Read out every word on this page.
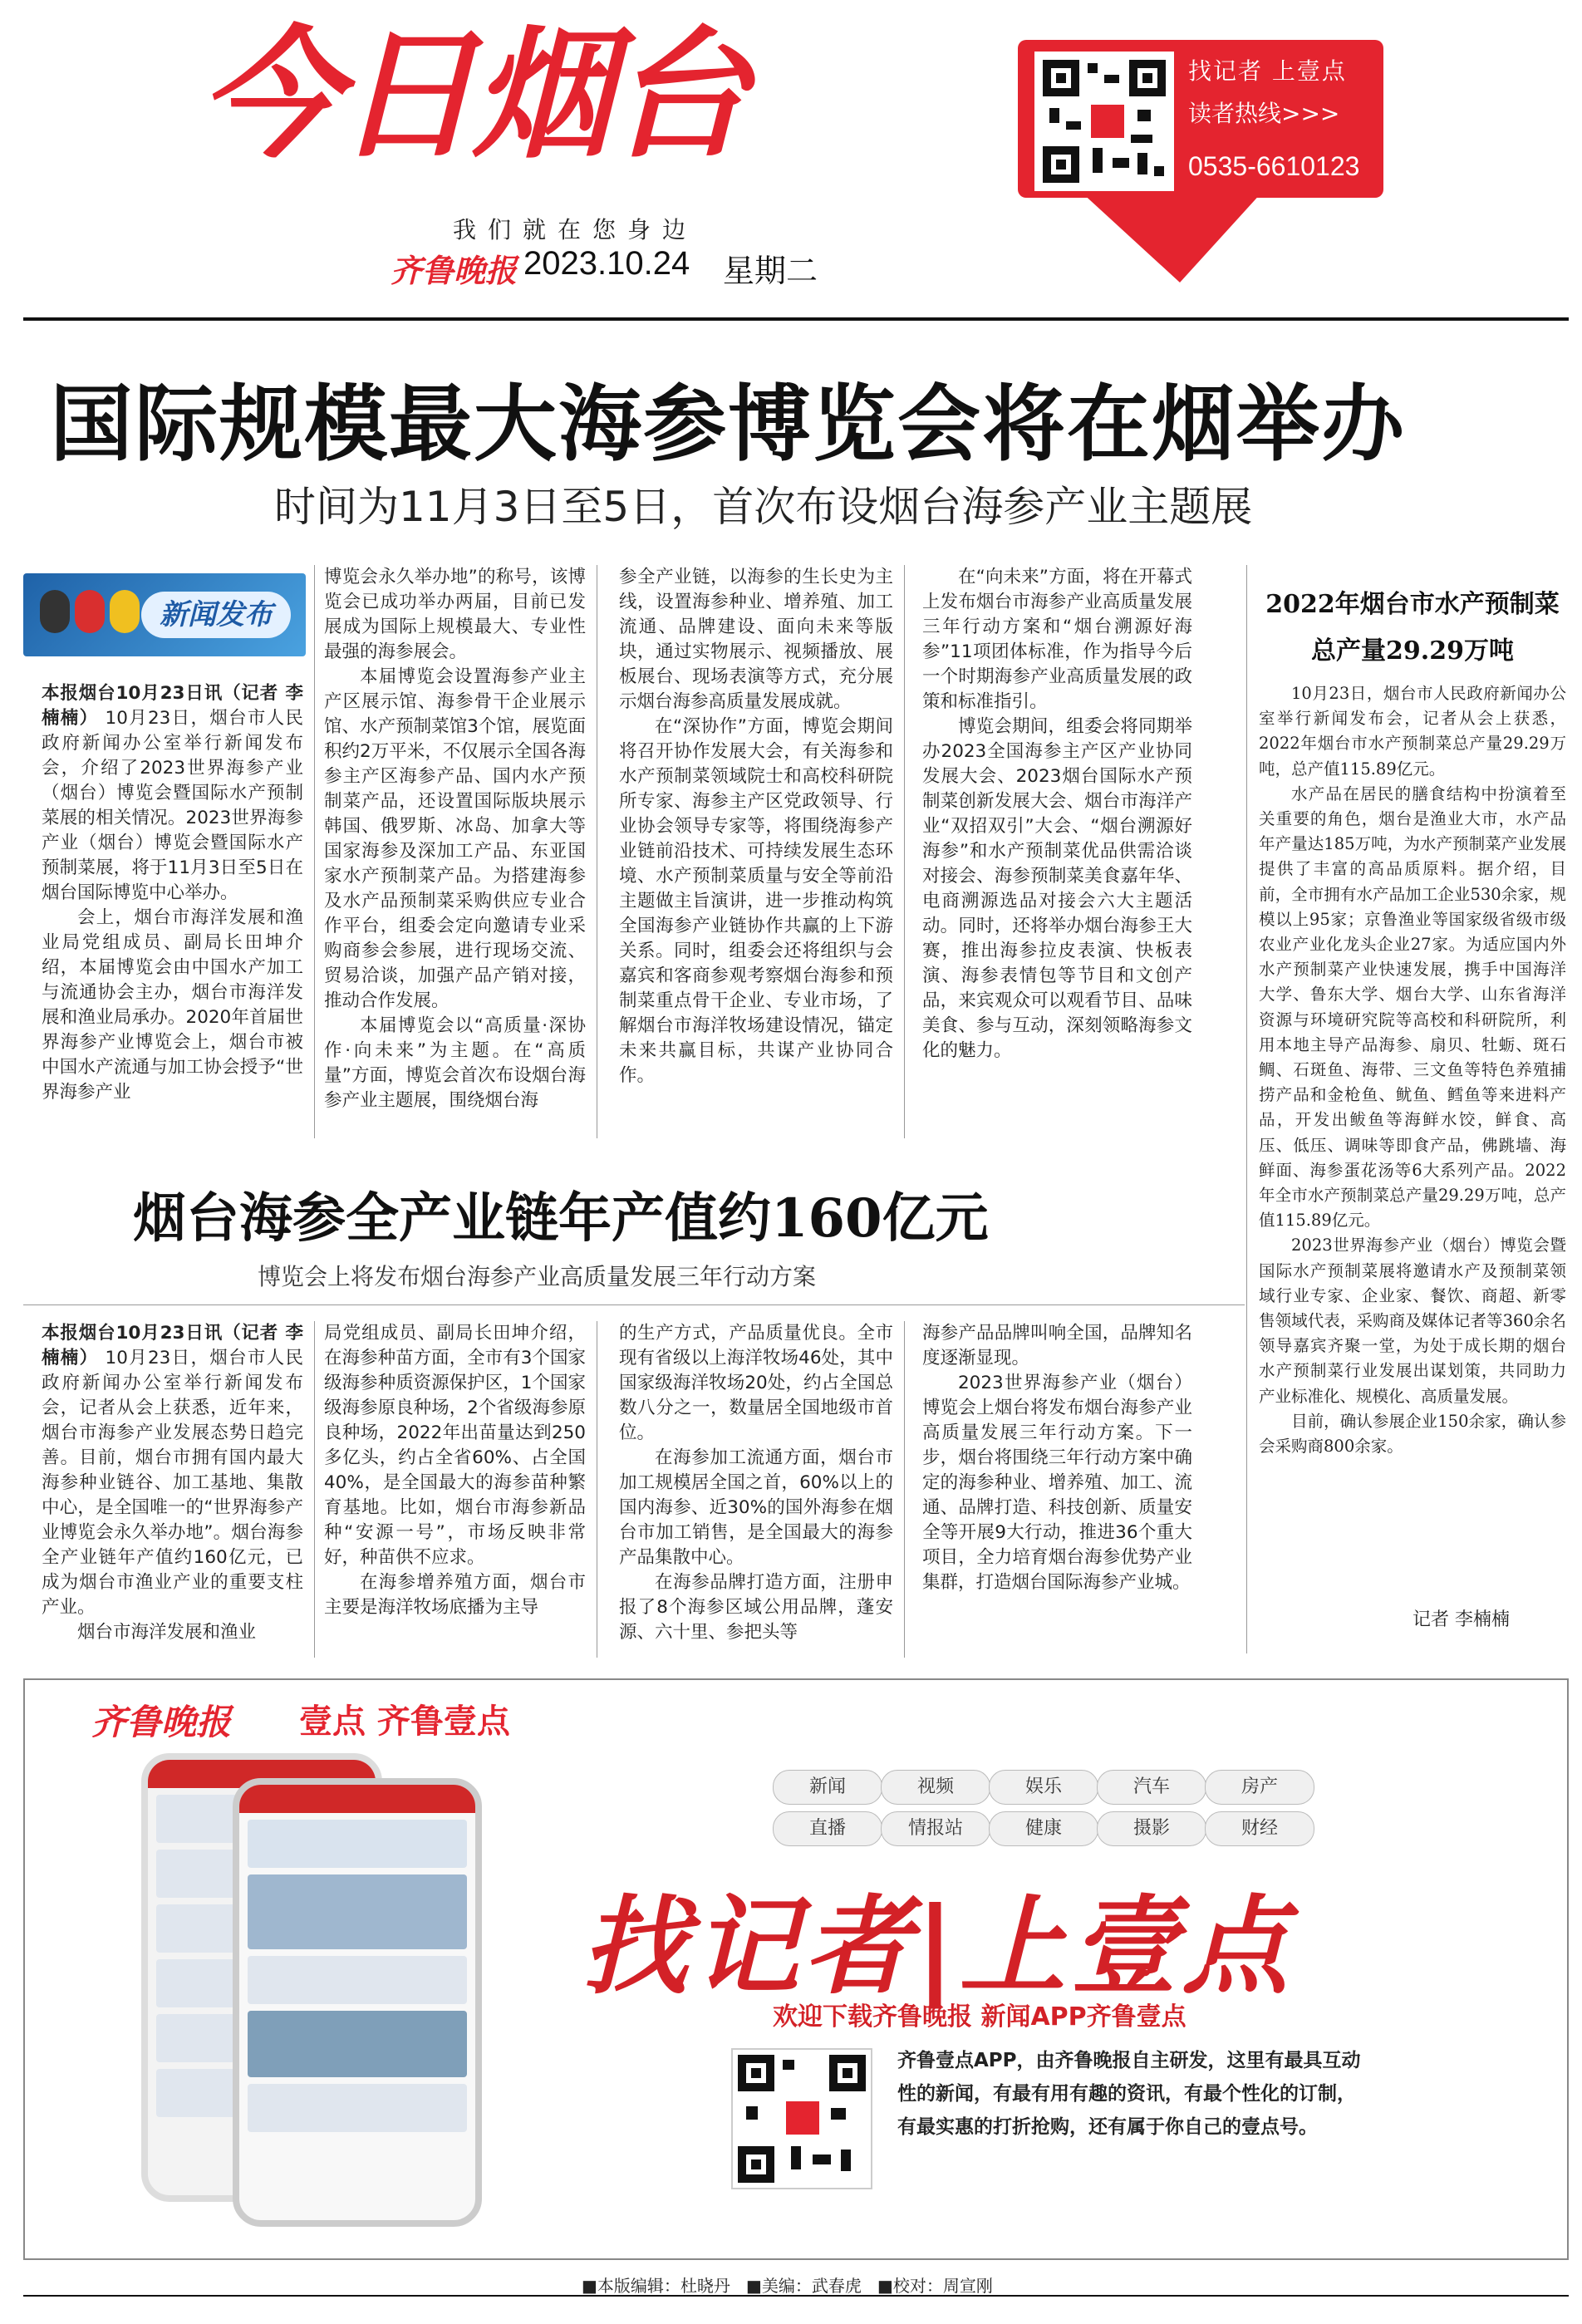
今日烟台
我们就在您身边
齐鲁晚报 2023.10.24 星期二
找记者 上壹点
读者热线>>>
0535-6610123
国际规模最大海参博览会将在烟举办
时间为11月3日至5日，首次布设烟台海参产业主题展
新闻发布

本报烟台10月23日讯（记者 李楠楠） 10月23日，烟台市人民政府新闻办公室举行新闻发布会，介绍了2023世界海参产业（烟台）博览会暨国际水产预制菜展的相关情况。2023世界海参产业（烟台）博览会暨国际水产预制菜展，将于11月3日至5日在烟台国际博览中心举办。

会上，烟台市海洋发展和渔业局党组成员、副局长田坤介绍，本届博览会由中国水产加工与流通协会主办，烟台市海洋发展和渔业局承办。2020年首届世界海参产业博览会上，烟台市被中国水产流通与加工协会授予“世界海参产业

博览会永久举办地”的称号，该博览会已成功举办两届，目前已发展成为国际上规模最大、专业性最强的海参展会。

本届博览会设置海参产业主产区展示馆、海参骨干企业展示馆、水产预制菜馆3个馆，展览面积约2万平米，不仅展示全国各海参主产区海参产品、国内水产预制菜产品，还设置国际版块展示韩国、俄罗斯、冰岛、加拿大等国家海参及深加工产品、东亚国家水产预制菜产品。为搭建海参及水产品预制菜采购供应专业合作平台，组委会定向邀请专业采购商参会参展，进行现场交流、贸易洽谈，加强产品产销对接，推动合作发展。

本届博览会以“高质量·深协作·向未来”为主题。在“高质量”方面，博览会首次布设烟台海参产业主题展，围绕烟台海

参全产业链，以海参的生长史为主线，设置海参种业、增养殖、加工流通、品牌建设、面向未来等版块，通过实物展示、视频播放、展板展台、现场表演等方式，充分展示烟台海参高质量发展成就。

在“深协作”方面，博览会期间将召开协作发展大会，有关海参和水产预制菜领域院士和高校科研院所专家、海参主产区党政领导、行业协会领导专家等，将围绕海参产业链前沿技术、可持续发展生态环境、水产预制菜质量与安全等前沿主题做主旨演讲，进一步推动构筑全国海参产业链协作共赢的上下游关系。同时，组委会还将组织与会嘉宾和客商参观考察烟台海参和预制菜重点骨干企业、专业市场，了解烟台市海洋牧场建设情况，锚定未来共赢目标，共谋产业协同合作。

在“向未来”方面，将在开幕式上发布烟台市海参产业高质量发展三年行动方案和“烟台溯源好海参”11项团体标准，作为指导今后一个时期海参产业高质量发展的政策和标准指引。

博览会期间，组委会将同期举办2023全国海参主产区产业协同发展大会、2023烟台国际水产预制菜创新发展大会、烟台市海洋产业“双招双引”大会、“烟台溯源好海参”和水产预制菜优品供需洽谈对接会、海参预制菜美食嘉年华、电商溯源选品对接会六大主题活动。同时，还将举办烟台海参王大赛，推出海参拉皮表演、快板表演、海参表情包等节目和文创产品，来宾观众可以观看节目、品味美食、参与互动，深刻领略海参文化的魅力。

2022年烟台市水产预制菜
总产量29.29万吨

10月23日，烟台市人民政府新闻办公室举行新闻发布会，记者从会上获悉，2022年烟台市水产预制菜总产量29.29万吨，总产值115.89亿元。

水产品在居民的膳食结构中扮演着至关重要的角色，烟台是渔业大市，水产品年产量达185万吨，为水产预制菜产业发展提供了丰富的高品质原料。据介绍，目前，全市拥有水产品加工企业530余家，规模以上95家；京鲁渔业等国家级省级市级农业产业化龙头企业27家。为适应国内外水产预制菜产业快速发展，携手中国海洋大学、鲁东大学、烟台大学、山东省海洋资源与环境研究院等高校和科研院所，利用本地主导产品海参、扇贝、牡蛎、斑石鲷、石斑鱼、海带、三文鱼等特色养殖捕捞产品和金枪鱼、鱿鱼、鳕鱼等来进料产品，开发出鲅鱼等海鲜水饺，鲜食、高压、低压、调味等即食产品，佛跳墙、海鲜面、海参蛋花汤等6大系列产品。2022年全市水产预制菜总产量29.29万吨，总产值115.89亿元。

2023世界海参产业（烟台）博览会暨国际水产预制菜展将邀请水产及预制菜领域行业专家、企业家、餐饮、商超、新零售领域代表，采购商及媒体记者等360余名领导嘉宾齐聚一堂，为处于成长期的烟台水产预制菜行业发展出谋划策，共同助力产业标准化、规模化、高质量发展。

目前，确认参展企业150余家，确认参会采购商800余家。

记者 李楠楠
烟台海参全产业链年产值约160亿元
博览会上将发布烟台海参产业高质量发展三年行动方案

本报烟台10月23日讯（记者 李楠楠） 10月23日，烟台市人民政府新闻办公室举行新闻发布会，记者从会上获悉，近年来，烟台市海参产业发展态势日趋完善。目前，烟台市拥有国内最大海参种业链谷、加工基地、集散中心，是全国唯一的“世界海参产业博览会永久举办地”。烟台海参全产业链年产值约160亿元，已成为烟台市渔业产业的重要支柱产业。

烟台市海洋发展和渔业

局党组成员、副局长田坤介绍，在海参种苗方面，全市有3个国家级海参种质资源保护区，1个国家级海参原良种场，2个省级海参原良种场，2022年出苗量达到250多亿头，约占全省60%、占全国40%，是全国最大的海参苗种繁育基地。比如，烟台市海参新品种“安源一号”，市场反映非常好，种苗供不应求。

在海参增养殖方面，烟台市主要是海洋牧场底播为主导

的生产方式，产品质量优良。全市现有省级以上海洋牧场46处，其中国家级海洋牧场20处，约占全国总数八分之一，数量居全国地级市首位。

在海参加工流通方面，烟台市加工规模居全国之首，60%以上的国内海参、近30%的国外海参在烟台市加工销售，是全国最大的海参产品集散中心。

在海参品牌打造方面，注册申报了8个海参区域公用品牌，蓬安源、六十里、参把头等

海参产品品牌叫响全国，品牌知名度逐渐显现。

2023世界海参产业（烟台）博览会上烟台将发布烟台海参产业高质量发展三年行动方案。下一步，烟台将围绕三年行动方案中确定的海参种业、增养殖、加工、流通、品牌打造、科技创新、质量安全等开展9大行动，推进36个重大项目，全力培育烟台海参优势产业集群，打造烟台国际海参产业城。

齐鲁晚报 壹点 齐鲁壹点
新闻	视频	娱乐	汽车	房产
直播	情报站	健康	摄影	财经
找记者|上壹点
欢迎下载齐鲁晚报 新闻APP齐鲁壹点
齐鲁壹点APP，由齐鲁晚报自主研发，这里有最具互动性的新闻，有最有用有趣的资讯，有最个性化的订制，有最实惠的打折抢购，还有属于你自己的壹点号。
■本版编辑：杜晓丹 ■美编：武春虎 ■校对：周宣刚
